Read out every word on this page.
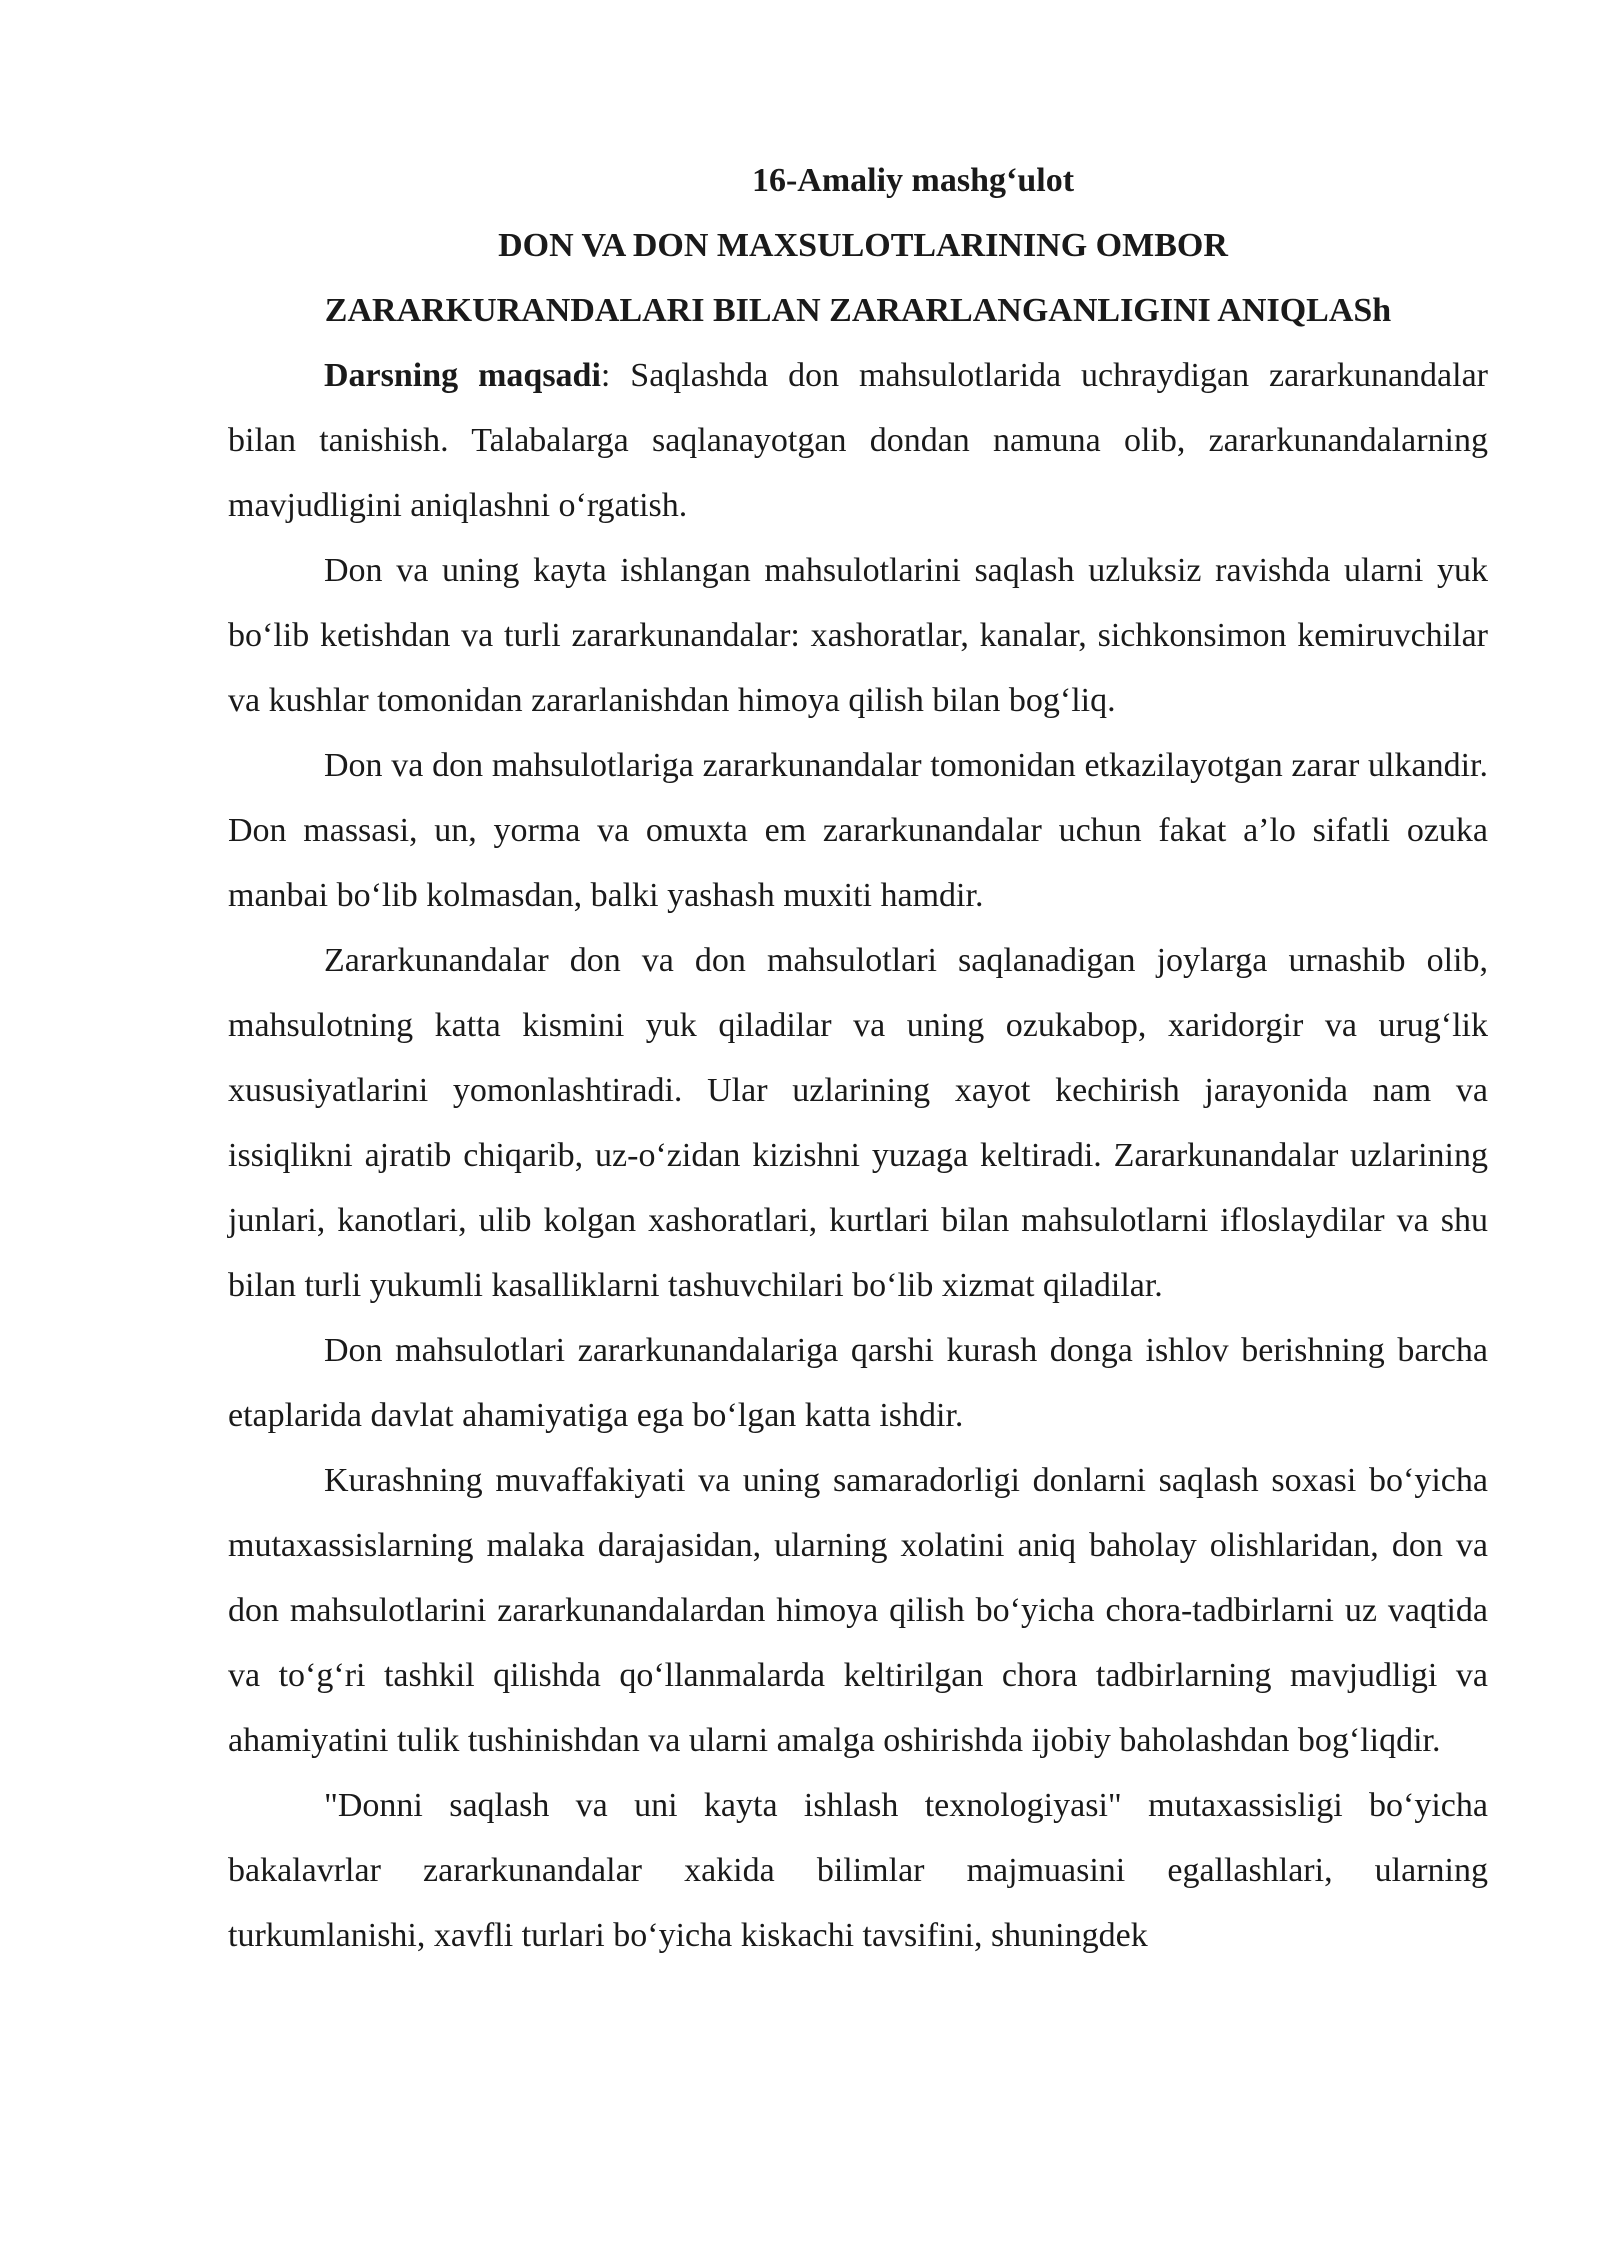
16-Amaliy mashg‘ulot
DON VA DON MAXSULOTLARINING OMBOR
ZARARKURANDALARI BILAN ZARARLANGANLIGINI ANIQLASh

Darsning maqsadi: Saqlashda don mahsulotlarida uchraydigan zararkunandalar bilan tanishish. Talabalarga saqlanayotgan dondan namuna olib, zararkunandalarning mavjudligini aniqlashni o‘rgatish.

Don va uning kayta ishlangan mahsulotlarini saqlash uzluksiz ravishda ularni yuk bo‘lib ketishdan va turli zararkunandalar: xashoratlar, kanalar, sichkonsimon kemiruvchilar va kushlar tomonidan zararlanishdan himoya qilish bilan bog‘liq.

Don va don mahsulotlariga zararkunandalar tomonidan etkazilayotgan zarar ulkandir. Don massasi, un, yorma va omuxta em zararkunandalar uchun fakat a’lo sifatli ozuka manbai bo‘lib kolmasdan, balki yashash muxiti hamdir.

Zararkunandalar don va don mahsulotlari saqlanadigan joylarga urnashib olib, mahsulotning katta kismini yuk qiladilar va uning ozukabop, xaridorgir va urug‘lik xususiyatlarini yomonlashtiradi. Ular uzlarining xayot kechirish jarayonida nam va issiqlikni ajratib chiqarib, uz-o‘zidan kizishni yuzaga keltiradi. Zararkunandalar uzlarining junlari, kanotlari, ulib kolgan xashoratlari, kurtlari bilan mahsulotlarni ifloslaydilar va shu bilan turli yukumli kasalliklarni tashuvchilari bo‘lib xizmat qiladilar.

Don mahsulotlari zararkunandalariga qarshi kurash donga ishlov berishning barcha etaplarida davlat ahamiyatiga ega bo‘lgan katta ishdir.

Kurashning muvaffakiyati va uning samaradorligi donlarni saqlash soxasi bo‘yicha mutaxassislarning malaka darajasidan, ularning xolatini aniq baholay olishlaridan, don va don mahsulotlarini zararkunandalardan himoya qilish bo‘yicha chora-tadbirlarni uz vaqtida va to‘g‘ri tashkil qilishda qo‘llanmalarda keltirilgan chora tadbirlarning mavjudligi va ahamiyatini tulik tushinishdan va ularni amalga oshirishda ijobiy baholashdan bog‘liqdir.

"Donni saqlash va uni kayta ishlash texnologiyasi" mutaxassisligi bo‘yicha bakalavrlar zararkunandalar xakida bilimlar majmuasini egallashlari, ularning turkumlanishi, xavfli turlari bo‘yicha kiskachi tavsifini, shuningdek
